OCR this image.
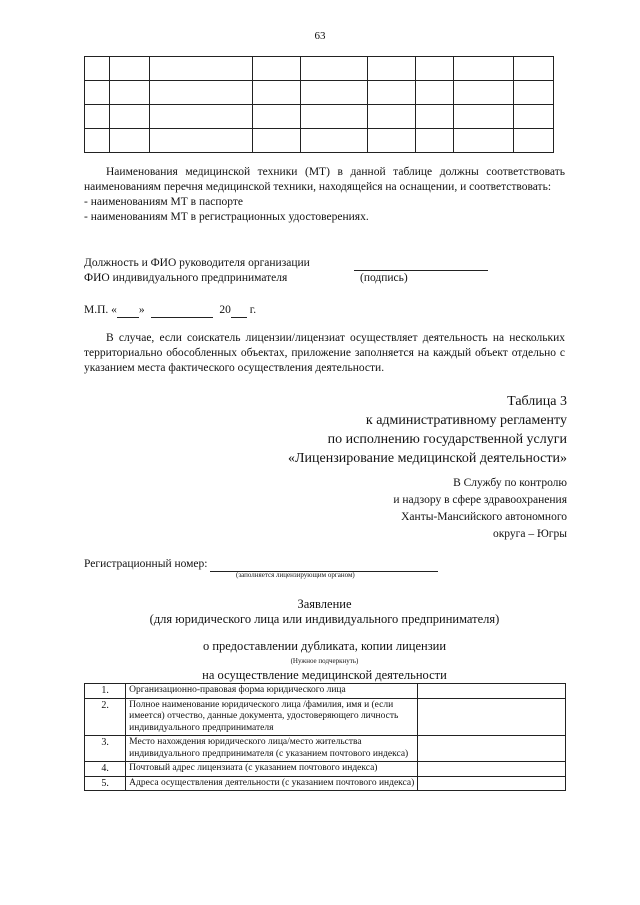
63

Наименования медицинской техники (МТ) в данной таблице должны соответствовать наименованиям перечня медицинской техники, находящейся на оснащении, и соответствовать:
- наименованиям МТ в паспорте
- наименованиям МТ в регистрационных удостоверениях.
Должность и ФИО руководителя организации
ФИО индивидуального предпринимателя	(подпись)
М.П. « »	20 г.
В случае, если соискатель лицензии/лицензиат осуществляет деятельность на нескольких территориально обособленных объектах, приложение заполняется на каждый объект отдельно с указанием места фактического осуществления деятельности.
Таблица 3
к административному регламенту
по исполнению государственной услуги
«Лицензирование медицинской деятельности»
В Службу по контролю
и надзору в сфере здравоохранения
Ханты-Мансийского автономного
округа – Югры
Регистрационный номер:
(заполняется лицензирующим органом)
Заявление
(для юридического лица или индивидуального предпринимателя)
о предоставлении дубликата, копии лицензии
(Нужное подчеркнуть)
на осуществление медицинской деятельности
1.	Организационно-правовая форма юридического лица	
2.	Полное наименование юридического лица /фамилия, имя и (если имеется) отчество, данные документа, удостоверяющего личность индивидуального предпринимателя	
3.	Место нахождения юридического лица/место жительства индивидуального предпринимателя (с указанием почтового индекса)	
4.	Почтовый адрес лицензиата (с указанием почтового индекса)	
5.	Адреса осуществления деятельности (с указанием почтового индекса)	
